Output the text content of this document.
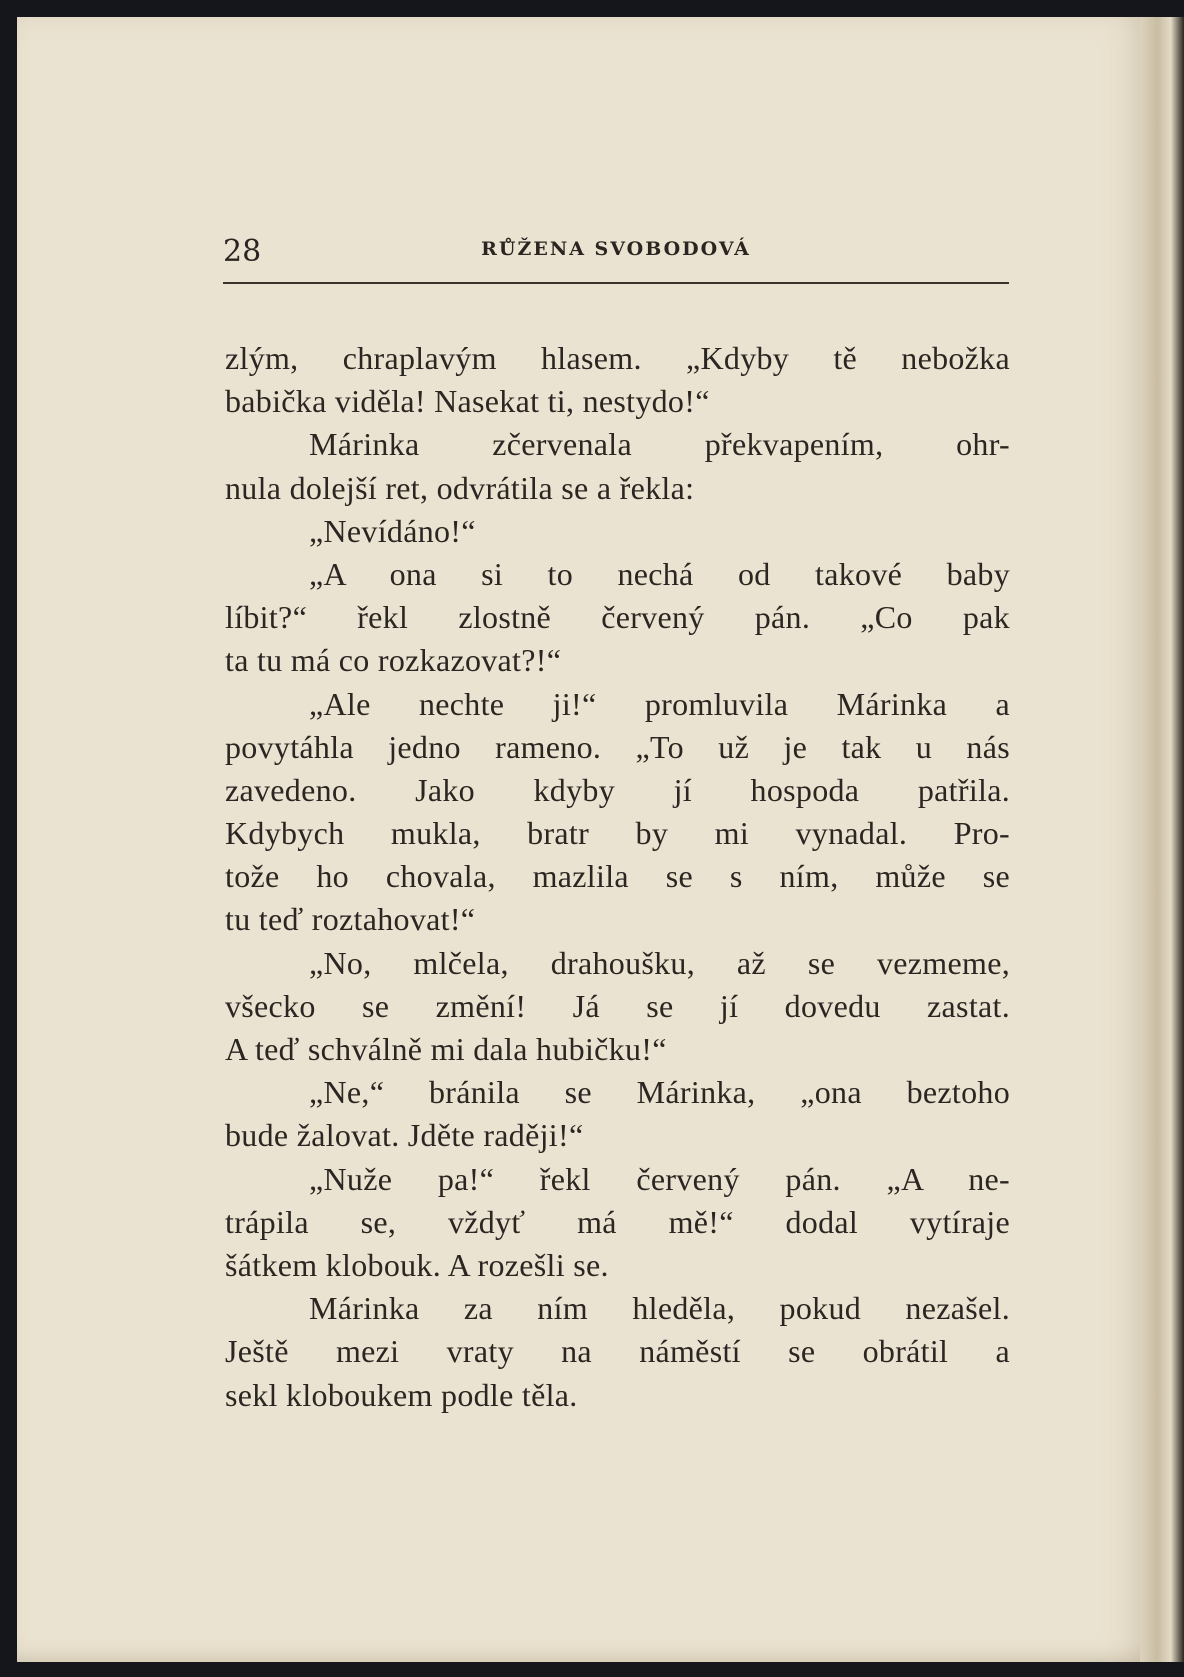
28	RŮŽENA SVOBODOVÁ
zlým, chraplavým hlasem. „Kdyby tě nebožka
babička viděla! Nasekat ti, nestydo!“
Márinka zčervenala překvapením, ohr-
nula dolejší ret, odvrátila se a řekla:
„Nevídáno!“
„A ona si to nechá od takové baby
líbit?“ řekl zlostně červený pán. „Co pak
ta tu má co rozkazovat?!“
„Ale nechte ji!“ promluvila Márinka a
povytáhla jedno rameno. „To už je tak u nás
zavedeno. Jako kdyby jí hospoda patřila.
Kdybych mukla, bratr by mi vynadal. Pro-
tože ho chovala, mazlila se s ním, může se
tu teď roztahovat!“
„No, mlčela, drahoušku, až se vezmeme,
všecko se změní! Já se jí dovedu zastat.
A teď schválně mi dala hubičku!“
„Ne,“ bránila se Márinka, „ona beztoho
bude žalovat. Jděte raději!“
„Nuže pa!“ řekl červený pán. „A ne-
trápila se, vždyť má mě!“ dodal vytíraje
šátkem klobouk. A rozešli se.
Márinka za ním hleděla, pokud nezašel.
Ještě mezi vraty na náměstí se obrátil a
sekl kloboukem podle těla.
